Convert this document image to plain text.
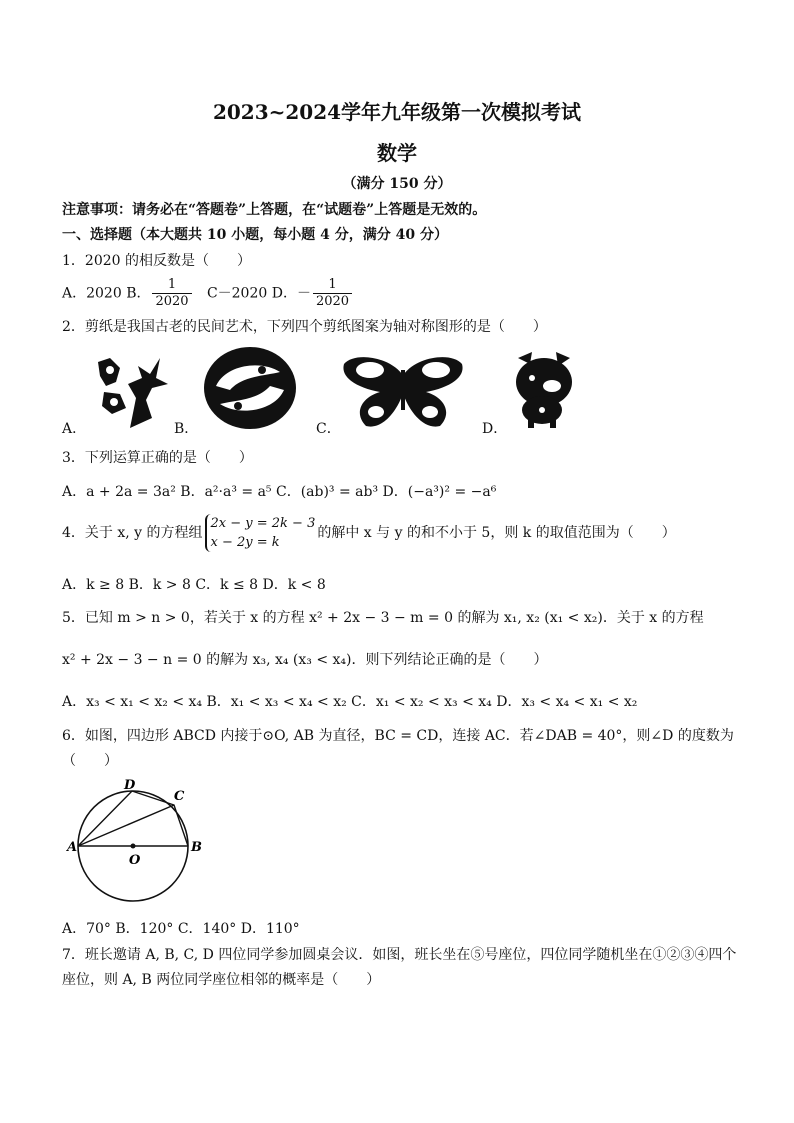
2023~2024学年九年级第一次模拟考试
数学
（满分 150 分）
注意事项：请务必在“答题卷”上答题，在“试题卷”上答题是无效的。
一、选择题（本大题共 10 小题，每小题 4 分，满分 40 分）
1．2020 的相反数是（　　）
A．2020 B． $\frac{1}{2020} C-2020$ D．－ $\frac{1}{2020}$
2．剪纸是我国古老的民间艺术，下列四个剪纸图案为轴对称图形的是（　　）
A．	B．	C．	D．
3．下列运算正确的是（　　）
A．a + 2a = 3a² B．a²·a³ = a⁵ C．(ab)³ = ab³ D．(−a³)² = −a⁶
4．关于 x, y 的方程组
2x − y = 2k − 3
x − 2y = k
的解中 x 与 y 的和不小于 5，则 k 的取值范围为（　　）
A．k ≥ 8 B．k > 8 C．k ≤ 8 D．k < 8
5．已知 m > n > 0，若关于 x 的方程 x² + 2x − 3 − m = 0 的解为 x₁, x₂ (x₁ < x₂)．关于 x 的方程
x² + 2x − 3 − n = 0 的解为 x₃, x₄ (x₃ < x₄)．则下列结论正确的是（　　）
A．x₃ < x₁ < x₂ < x₄ B．x₁ < x₃ < x₄ < x₂ C．x₁ < x₂ < x₃ < x₄ D．x₃ < x₄ < x₁ < x₂
6．如图，四边形 ABCD 内接于⊙O, AB 为直径，BC = CD，连接 AC．若∠DAB = 40°，则∠D 的度数为
（　　）
A	B
C
D
O
A．70° B．120° C．140° D．110°
7．班长邀请 A, B, C, D 四位同学参加圆桌会议．如图，班长坐在⑤号座位，四位同学随机坐在①②③④四个
座位，则 A, B 两位同学座位相邻的概率是（　　）
